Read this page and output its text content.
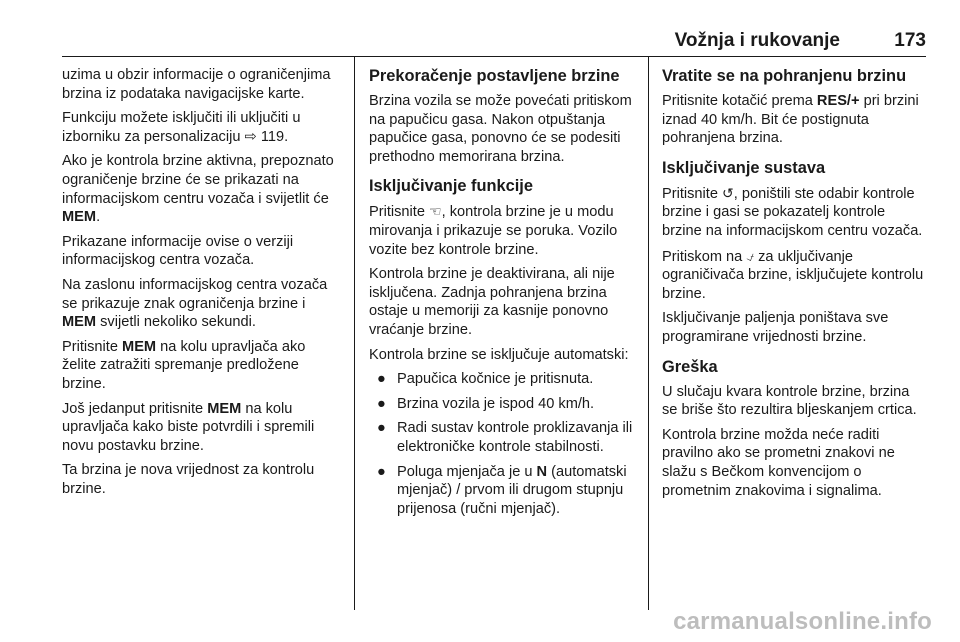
Vožnja i rukovanje	173

uzima u obzir informacije o ograničenjima brzina iz podataka navigacijske karte.

Funkciju možete isključiti ili uključiti u izborniku za personalizaciju ⇨ 119.

Ako je kontrola brzine aktivna, prepoznato ograničenje brzine će se prikazati na informacijskom centru vozača i svijetlit će MEM.

Prikazane informacije ovise o verziji informacijskog centra vozača.

Na zaslonu informacijskog centra vozača se prikazuje znak ograničenja brzine i MEM svijetli nekoliko sekundi.

Pritisnite MEM na kolu upravljača ako želite zatražiti spremanje predložene brzine.

Još jedanput pritisnite MEM na kolu upravljača kako biste potvrdili i spremili novu postavku brzine.

Ta brzina je nova vrijednost za kontrolu brzine.

Prekoračenje postavljene brzine

Brzina vozila se može povećati pritiskom na papučicu gasa. Nakon otpuštanja papučice gasa, ponovno će se podesiti prethodno memorirana brzina.

Isključivanje funkcije

Pritisnite ☜, kontrola brzine je u modu mirovanja i prikazuje se poruka. Vozilo vozite bez kontrole brzine.

Kontrola brzine je deaktivirana, ali nije isključena. Zadnja pohranjena brzina ostaje u memoriji za kasnije ponovno vraćanje brzine.

Kontrola brzine se isključuje automatski:

● Papučica kočnice je pritisnuta.
● Brzina vozila je ispod 40 km/h.
● Radi sustav kontrole proklizavanja ili elektroničke kontrole stabilnosti.
● Poluga mjenjača je u N (automatski mjenjač) / prvom ili drugom stupnju prijenosa (ručni mjenjač).
Vratite se na pohranjenu brzinu

Pritisnite kotačić prema RES/+ pri brzini iznad 40 km/h. Bit će postignuta pohranjena brzina.

Isključivanje sustava

Pritisnite ↺, poništili ste odabir kontrole brzine i gasi se pokazatelj kontrole brzine na informacijskom centru vozača.

Pritiskom na ⍻ za uključivanje ograničivača brzine, isključujete kontrolu brzine.

Isključivanje paljenja poništava sve programirane vrijednosti brzine.

Greška

U slučaju kvara kontrole brzine, brzina se briše što rezultira bljeskanjem crtica.

Kontrola brzine možda neće raditi pravilno ako se prometni znakovi ne slažu s Bečkom konvencijom o prometnim znakovima i signalima.

carmanualsonline.info
